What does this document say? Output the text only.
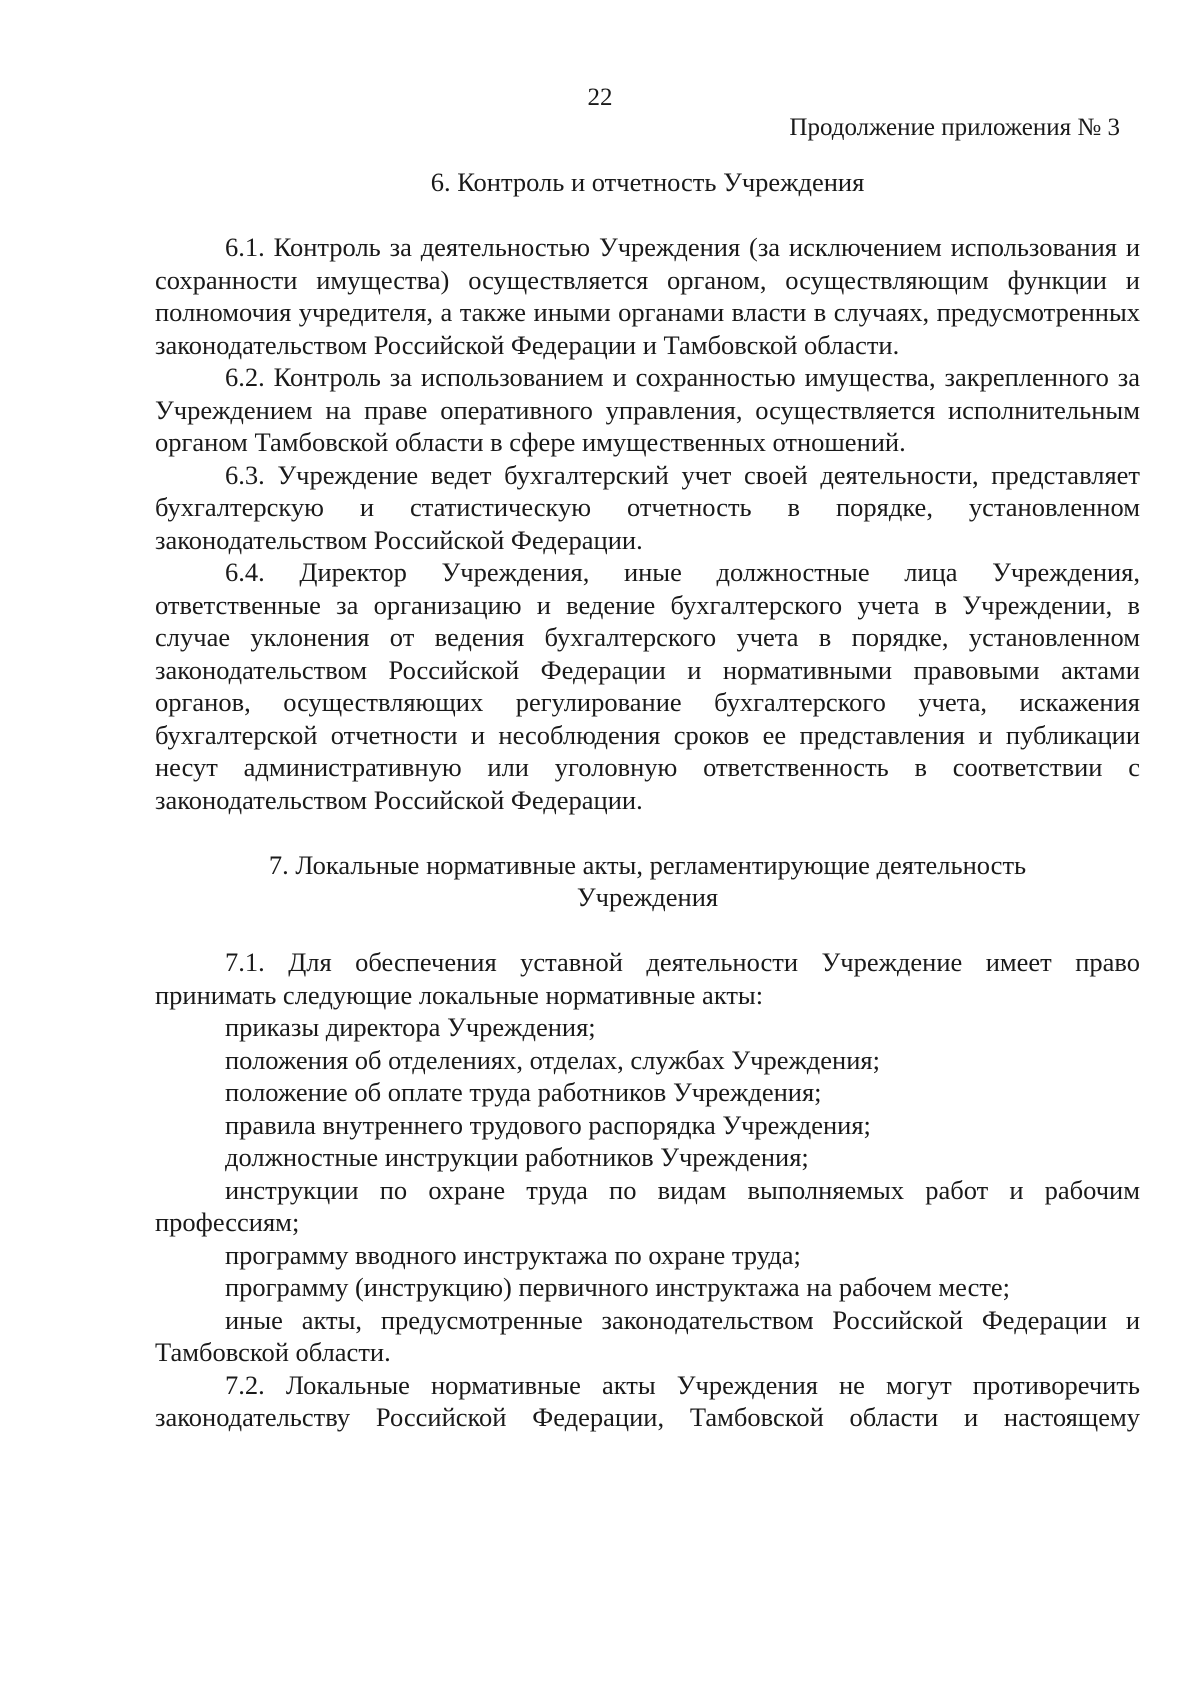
22
Продолжение приложения № 3
6. Контроль и отчетность Учреждения

6.1. Контроль за деятельностью Учреждения (за исключением использования и сохранности имущества) осуществляется органом, осуществляющим функции и полномочия учредителя, а также иными органами власти в случаях, предусмотренных законодательством Российской Федерации и Тамбовской области.

6.2. Контроль за использованием и сохранностью имущества, закрепленного за Учреждением на праве оперативного управления, осуществляется исполнительным органом Тамбовской области в сфере имущественных отношений.

6.3. Учреждение ведет бухгалтерский учет своей деятельности, представляет бухгалтерскую и статистическую отчетность в порядке, установленном законодательством Российской Федерации.

6.4. Директор Учреждения, иные должностные лица Учреждения, ответственные за организацию и ведение бухгалтерского учета в Учреждении, в случае уклонения от ведения бухгалтерского учета в порядке, установленном законодательством Российской Федерации и нормативными правовыми актами органов, осуществляющих регулирование бухгалтерского учета, искажения бухгалтерской отчетности и несоблюдения сроков ее представления и публикации несут административную или уголовную ответственность в соответствии с законодательством Российской Федерации.

7. Локальные нормативные акты, регламентирующие деятельность Учреждения

7.1. Для обеспечения уставной деятельности Учреждение имеет право принимать следующие локальные нормативные акты:

приказы директора Учреждения;
положения об отделениях, отделах, службах Учреждения;
положение об оплате труда работников Учреждения;
правила внутреннего трудового распорядка Учреждения;
должностные инструкции работников Учреждения;
инструкции по охране труда по видам выполняемых работ и рабочим профессиям;
программу вводного инструктажа по охране труда;
программу (инструкцию) первичного инструктажа на рабочем месте;
иные акты, предусмотренные законодательством Российской Федерации и Тамбовской области.

7.2. Локальные нормативные акты Учреждения не могут противоречить законодательству Российской Федерации, Тамбовской области и настоящему
